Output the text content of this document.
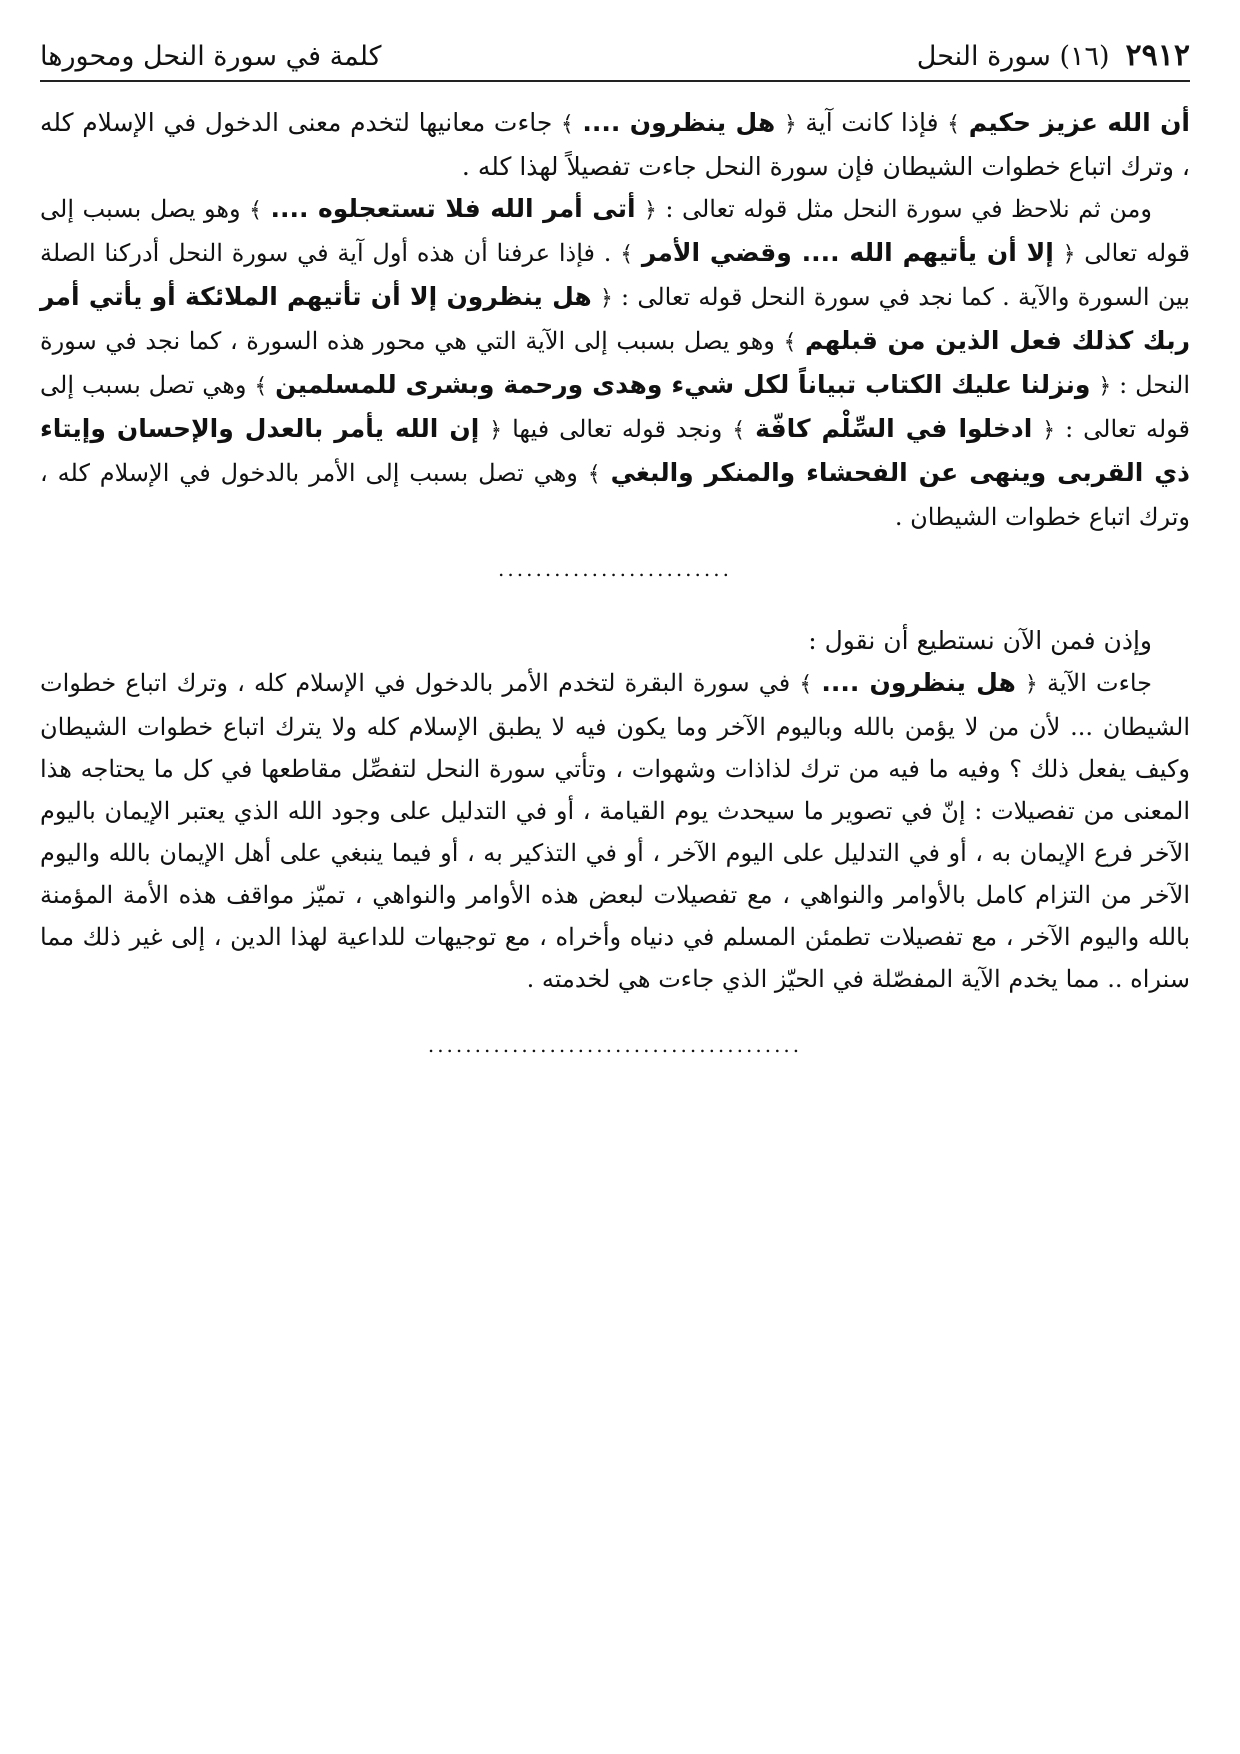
٢٩١٢
(١٦) سورة النحل
كلمة في سورة النحل ومحورها

أن الله عزيز حكيم ﴾ فإذا كانت آية ﴿ هل ينظرون .... ﴾ جاءت معانيها لتخدم معنى الدخول في الإسلام كله ، وترك اتباع خطوات الشيطان فإن سورة النحل جاءت تفصيلاً لهذا كله .

ومن ثم نلاحظ في سورة النحل مثل قوله تعالى : ﴿ أتى أمر الله فلا تستعجلوه .... ﴾ وهو يصل بسبب إلى قوله تعالى ﴿ إلا أن يأتيهم الله .... وقضي الأمر ﴾ . فإذا عرفنا أن هذه أول آية في سورة النحل أدركنا الصلة بين السورة والآية . كما نجد في سورة النحل قوله تعالى : ﴿ هل ينظرون إلا أن تأتيهم الملائكة أو يأتي أمر ربك كذلك فعل الذين من قبلهم ﴾ وهو يصل بسبب إلى الآية التي هي محور هذه السورة ، كما نجد في سورة النحل : ﴿ ونزلنا عليك الكتاب تبياناً لكل شيء وهدى ورحمة وبشرى للمسلمين ﴾ وهي تصل بسبب إلى قوله تعالى : ﴿ ادخلوا في السِّلْم كافّة ﴾ ونجد قوله تعالى فيها ﴿ إن الله يأمر بالعدل والإحسان وإيتاء ذي القربى وينهى عن الفحشاء والمنكر والبغي ﴾ وهي تصل بسبب إلى الأمر بالدخول في الإسلام كله ، وترك اتباع خطوات الشيطان .

.........................

وإذن فمن الآن نستطيع أن نقول :

جاءت الآية ﴿ هل ينظرون .... ﴾ في سورة البقرة لتخدم الأمر بالدخول في الإسلام كله ، وترك اتباع خطوات الشيطان ... لأن من لا يؤمن بالله وباليوم الآخر وما يكون فيه لا يطبق الإسلام كله ولا يترك اتباع خطوات الشيطان وكيف يفعل ذلك ؟ وفيه ما فيه من ترك لذاذات وشهوات ، وتأتي سورة النحل لتفصِّل مقاطعها في كل ما يحتاجه هذا المعنى من تفصيلات : إنّ في تصوير ما سيحدث يوم القيامة ، أو في التدليل على وجود الله الذي يعتبر الإيمان باليوم الآخر فرع الإيمان به ، أو في التدليل على اليوم الآخر ، أو في التذكير به ، أو فيما ينبغي على أهل الإيمان بالله واليوم الآخر من التزام كامل بالأوامر والنواهي ، مع تفصيلات لبعض هذه الأوامر والنواهي ، تميّز مواقف هذه الأمة المؤمنة بالله واليوم الآخر ، مع تفصيلات تطمئن المسلم في دنياه وأخراه ، مع توجيهات للداعية لهذا الدين ، إلى غير ذلك مما سنراه .. مما يخدم الآية المفصّلة في الحيّز الذي جاءت هي لخدمته .

........................................
